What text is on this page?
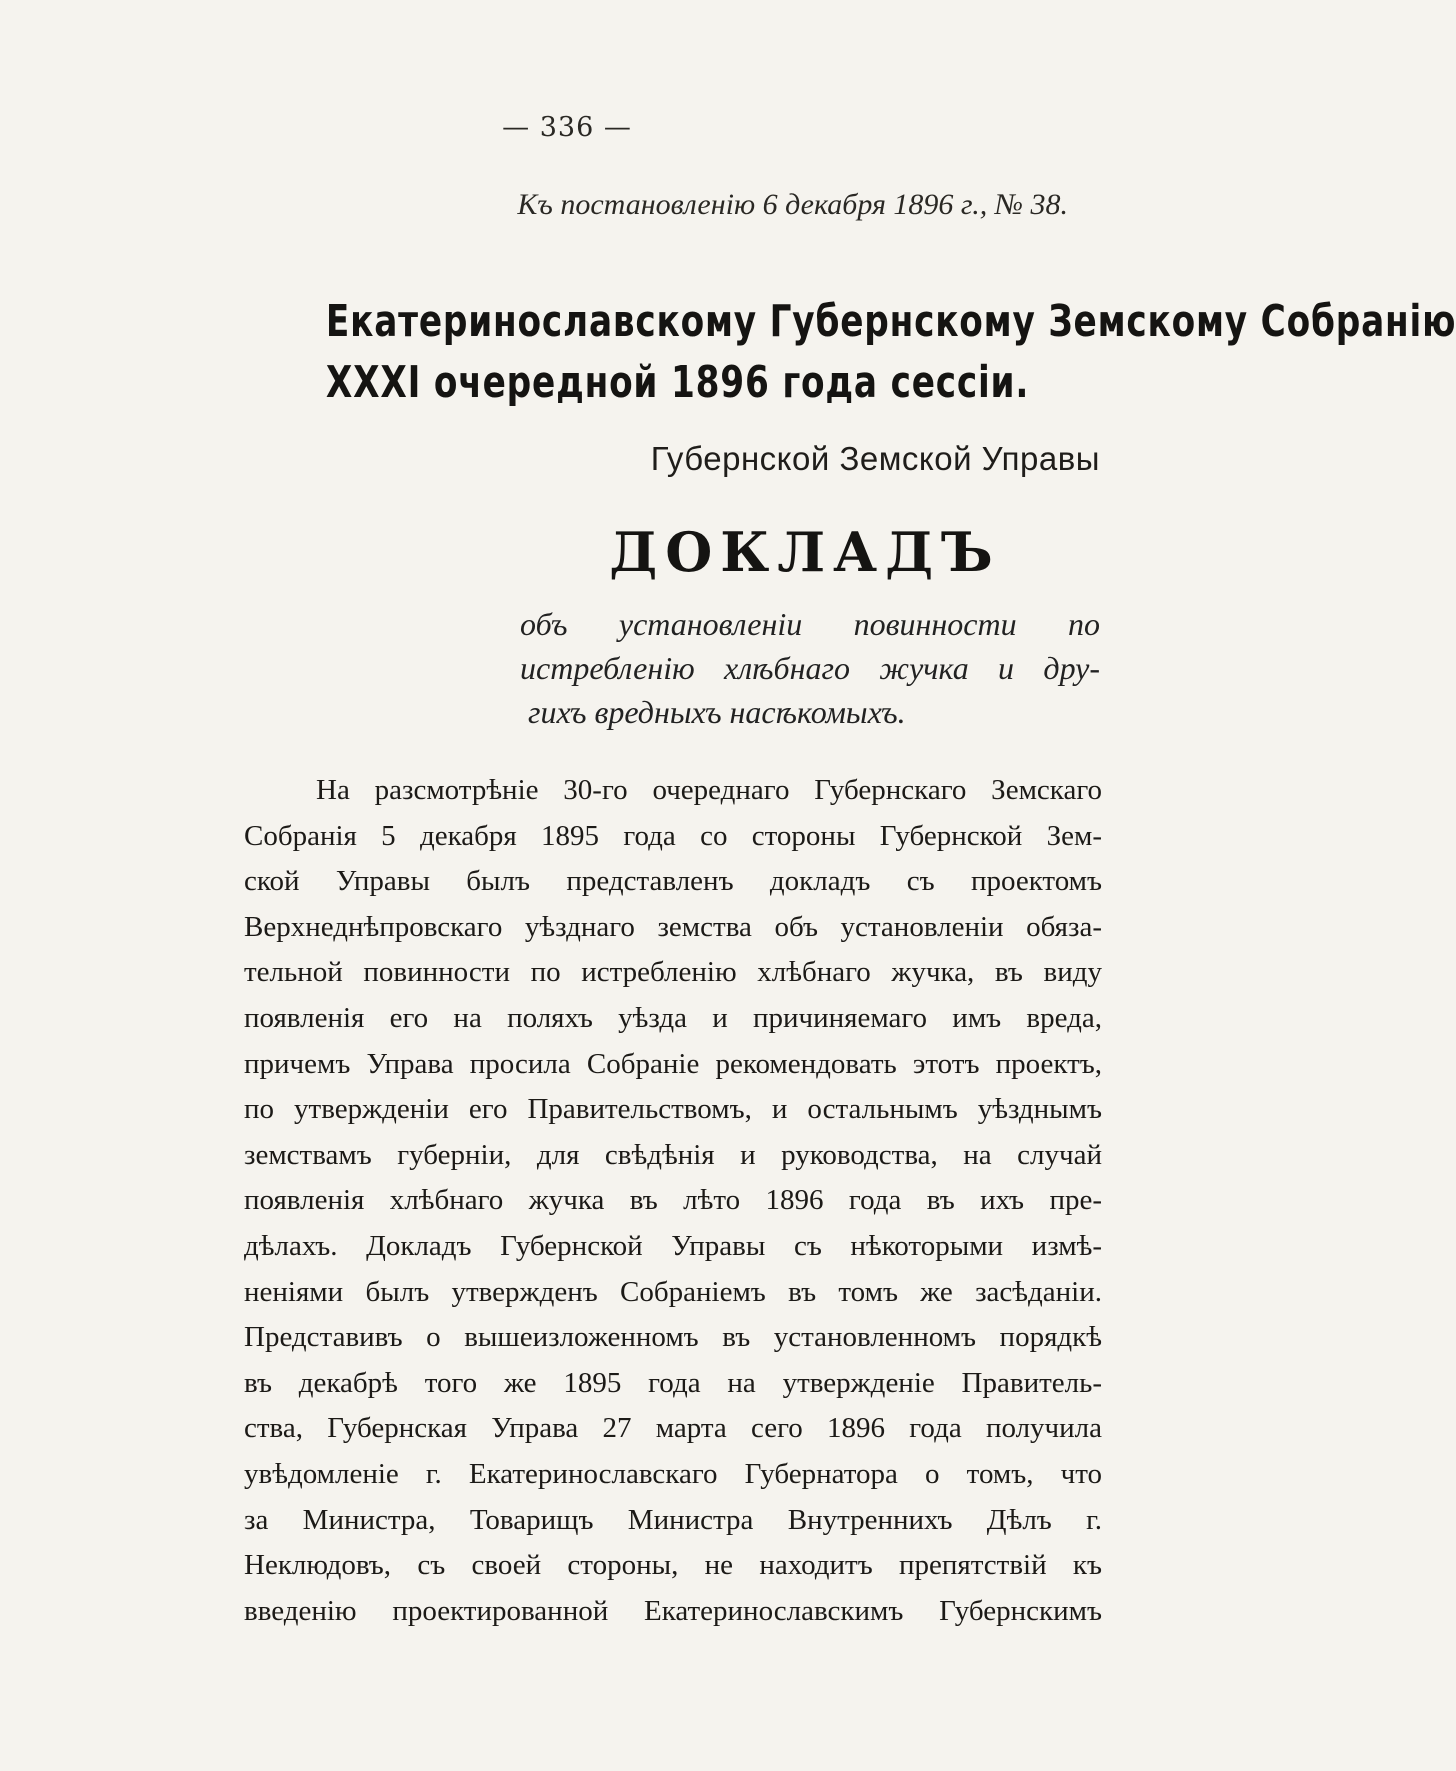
— 336 —
Къ постановленію 6 декабря 1896 г., № 38.
Екатеринославскому Губернскому Земскому Собранію
XXXI очередной 1896 года сессіи.
Губернской Земской Управы
ДОКЛАДЪ
объ установленіи повинности по
истребленію хлѣбнаго жучка и дру-
гихъ вредныхъ насѣкомыхъ.
На разсмотрѣніе 30-го очереднаго Губернскаго Земскаго
Собранія 5 декабря 1895 года со стороны Губернской Зем-
ской Управы былъ представленъ докладъ съ проектомъ
Верхнеднѣпровскаго уѣзднаго земства объ установленіи обяза-
тельной повинности по истребленію хлѣбнаго жучка, въ виду
появленія его на поляхъ уѣзда и причиняемаго имъ вреда,
причемъ Управа просила Собраніе рекомендовать этотъ проектъ,
по утвержденіи его Правительствомъ, и остальнымъ уѣзднымъ
земствамъ губерніи, для свѣдѣнія и руководства, на случай
появленія хлѣбнаго жучка въ лѣто 1896 года въ ихъ пре-
дѣлахъ. Докладъ Губернской Управы съ нѣкоторыми измѣ-
неніями былъ утвержденъ Собраніемъ въ томъ же засѣданіи.
Представивъ о вышеизложенномъ въ установленномъ порядкѣ
въ декабрѣ того же 1895 года на утвержденіе Правитель-
ства, Губернская Управа 27 марта сего 1896 года получила
увѣдомленіе г. Екатеринославскаго Губернатора о томъ, что
за Министра, Товарищъ Министра Внутреннихъ Дѣлъ г.
Неклюдовъ, съ своей стороны, не находитъ препятствій къ
введенію проектированной Екатеринославскимъ Губернскимъ
